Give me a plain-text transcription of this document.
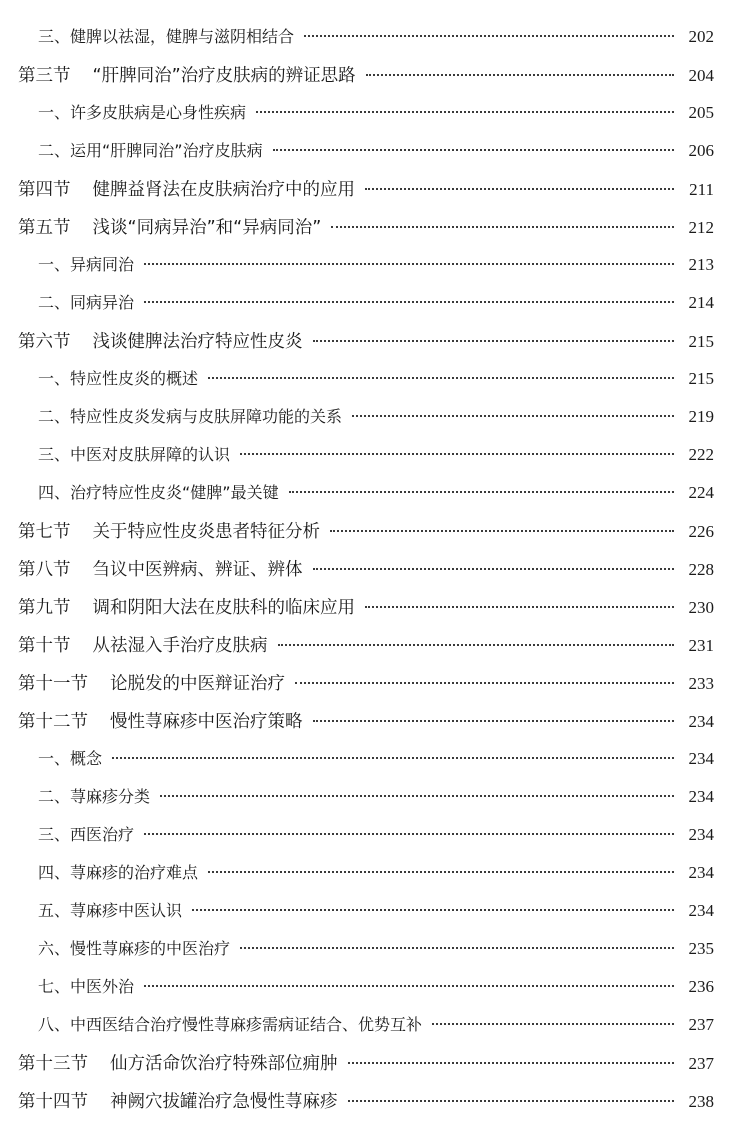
三、 健脾以祛湿，健脾与滋阴相结合	202
第三节 “肝脾同治”治疗皮肤病的辨证思路	204
一、 许多皮肤病是心身性疾病	205
二、 运用“肝脾同治”治疗皮肤病	206
第四节 健脾益肾法在皮肤病治疗中的应用	211
第五节 浅谈“同病异治”和“异病同治”	212
一、 异病同治	213
二、 同病异治	214
第六节 浅谈健脾法治疗特应性皮炎	215
一、 特应性皮炎的概述	215
二、 特应性皮炎发病与皮肤屏障功能的关系	219
三、 中医对皮肤屏障的认识	222
四、 治疗特应性皮炎“健脾”最关键	224
第七节 关于特应性皮炎患者特征分析	226
第八节 刍议中医辨病、辨证、辨体	228
第九节 调和阴阳大法在皮肤科的临床应用	230
第十节 从祛湿入手治疗皮肤病	231
第十一节 论脱发的中医辩证治疗	233
第十二节 慢性荨麻疹中医治疗策略	234
一、 概念	234
二、 荨麻疹分类	234
三、 西医治疗	234
四、 荨麻疹的治疗难点	234
五、 荨麻疹中医认识	234
六、 慢性荨麻疹的中医治疗	235
七、 中医外治	236
八、 中西医结合治疗慢性荨麻疹需病证结合、优势互补	237
第十三节 仙方活命饮治疗特殊部位痈肿	237
第十四节 神阙穴拔罐治疗急慢性荨麻疹	238
